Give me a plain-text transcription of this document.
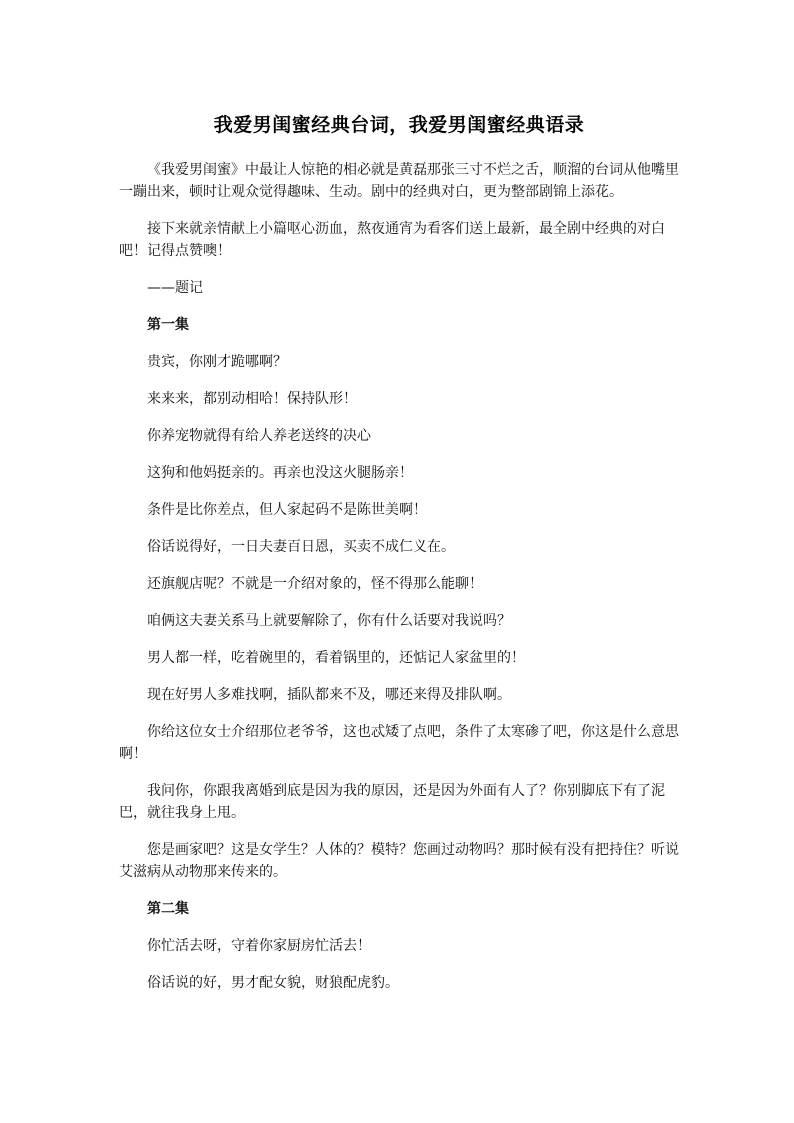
我爱男闺蜜经典台词，我爱男闺蜜经典语录

《我爱男闺蜜》中最让人惊艳的相必就是黄磊那张三寸不烂之舌，顺溜的台词从他嘴里一蹦出来，顿时让观众觉得趣味、生动。剧中的经典对白，更为整部剧锦上添花。

接下来就亲情献上小篇呕心沥血，熬夜通宵为看客们送上最新，最全剧中经典的对白吧！记得点赞噢！

——题记

第一集

贵宾，你刚才跪哪啊？

来来来，都别动相哈！保持队形！

你养宠物就得有给人养老送终的决心

这狗和他妈挺亲的。再亲也没这火腿肠亲！

条件是比你差点，但人家起码不是陈世美啊！

俗话说得好，一日夫妻百日恩，买卖不成仁义在。

还旗舰店呢？不就是一介绍对象的，怪不得那么能聊！

咱俩这夫妻关系马上就要解除了，你有什么话要对我说吗？

男人都一样，吃着碗里的，看着锅里的，还惦记人家盆里的！

现在好男人多难找啊，插队都来不及，哪还来得及排队啊。

你给这位女士介绍那位老爷爷，这也忒矮了点吧，条件了太寒碜了吧，你这是什么意思啊！

我问你，你跟我离婚到底是因为我的原因，还是因为外面有人了？你别脚底下有了泥巴，就往我身上甩。

您是画家吧？这是女学生？人体的？模特？您画过动物吗？那时候有没有把持住？听说艾滋病从动物那来传来的。

第二集

你忙活去呀，守着你家厨房忙活去！

俗话说的好，男才配女貌，财狼配虎豹。
